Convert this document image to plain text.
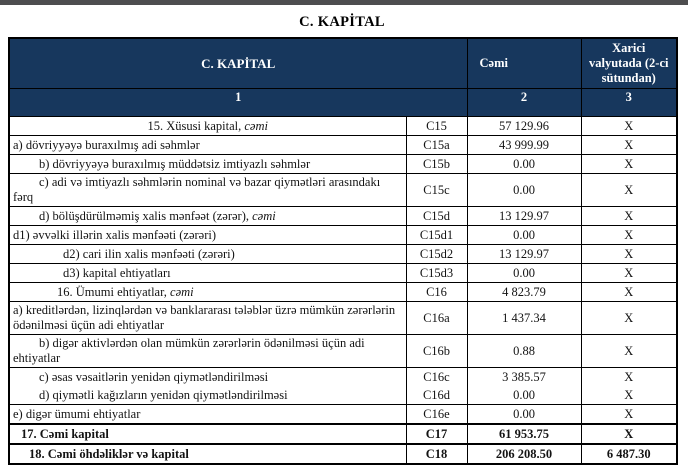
C. KAPİTAL
C. KAPİTAL		Cəmi	Xarici valyutada (2-ci sütundan)
1		2	3
15. Xüsusi kapital, cəmi	C15	57 129.96	X
a) dövriyyəyə buraxılmış adi səhmlər	C15a	43 999.99	X
b) dövriyyəyə buraxılmış müddətsiz imtiyazlı səhmlər	C15b	0.00	X
c) adi və imtiyazlı səhmlərin nominal və bazar qiymətləri arasındakı fərq	C15c	0.00	X
d) bölüşdürülməmiş xalis mənfəət (zərər), cəmi	C15d	13 129.97	X
d1) əvvəlki illərin xalis mənfəəti (zərəri)	C15d1	0.00	X
d2) cari ilin xalis mənfəəti (zərəri)	C15d2	13 129.97	X
d3) kapital ehtiyatları	C15d3	0.00	X
16. Ümumi ehtiyatlar, cəmi	C16	4 823.79	X
a) kreditlərdən, lizinqlərdən və banklararası tələblər üzrə mümkün zərərlərin ödənilməsi üçün adi ehtiyatlar	C16a	1 437.34	X
b) digər aktivlərdən olan mümkün zərərlərin ödənilməsi üçün adi ehtiyatlar	C16b	0.88	X
c) əsas vəsaitlərin yenidən qiymətləndirilməsi	C16c	3 385.57	X
d) qiymətli kağızların yenidən qiymətləndirilməsi	C16d	0.00	X
e) digər ümumi ehtiyatlar	C16e	0.00	X
17. Cəmi kapital	C17	61 953.75	X
18. Cəmi öhdəliklər və kapital	C18	206 208.50	6 487.30
